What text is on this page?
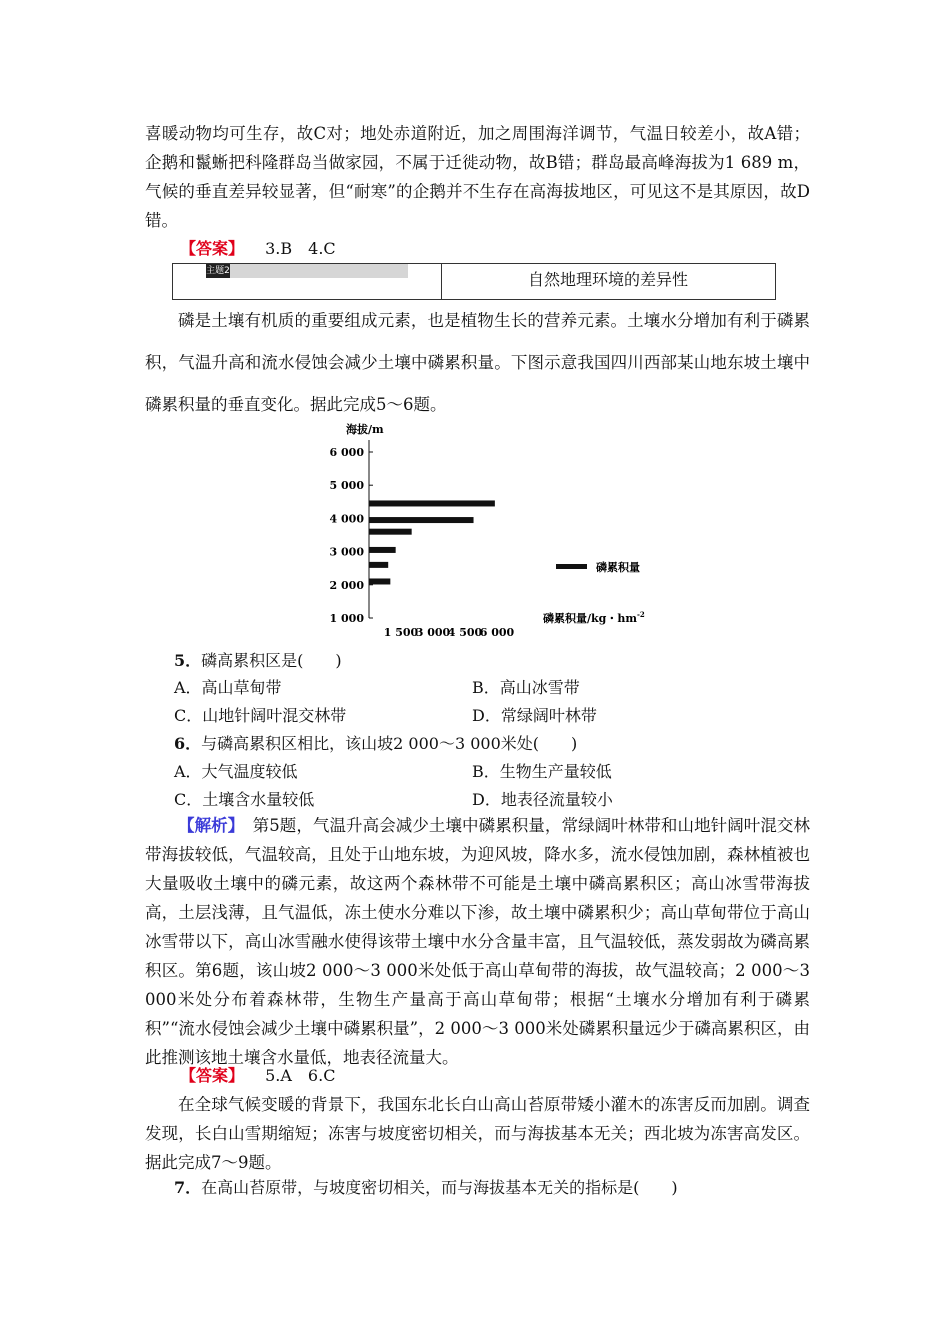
喜暖动物均可生存，故C对；地处赤道附近，加之周围海洋调节，气温日较差小，故A错；企鹅和鬣蜥把科隆群岛当做家园，不属于迁徙动物，故B错；群岛最高峰海拔为1 689 m，气候的垂直差异较显著，但“耐寒”的企鹅并不生存在高海拔地区，可见这不是其原因，故D错。
【答案】 3.B　4.C
主题2	自然地理环境的差异性
磷是土壤有机质的重要组成元素，也是植物生长的营养元素。土壤水分增加有利于磷累积，气温升高和流水侵蚀会减少土壤中磷累积量。下图示意我国四川西部某山地东坡土壤中磷累积量的垂直变化。据此完成5～6题。
海拔/m
1 000
2 000
3 000
4 000
5 000
6 000
1 500
3 000
4 500
6 000
磷累积量
磷累积量/kg・$hm^{-2}$
5．磷高累积区是(　　)
A．高山草甸带	B．高山冰雪带
C．山地针阔叶混交林带	D．常绿阔叶林带
6．与磷高累积区相比，该山坡2 000～3 000米处(　　)
A．大气温度较低	B．生物生产量较低
C．土壤含水量较低	D．地表径流量较小
【解析】　第5题，气温升高会减少土壤中磷累积量，常绿阔叶林带和山地针阔叶混交林带海拔较低，气温较高，且处于山地东坡，为迎风坡，降水多，流水侵蚀加剧，森林植被也大量吸收土壤中的磷元素，故这两个森林带不可能是土壤中磷高累积区；高山冰雪带海拔高，土层浅薄，且气温低，冻土使水分难以下渗，故土壤中磷累积少；高山草甸带位于高山冰雪带以下，高山冰雪融水使得该带土壤中水分含量丰富，且气温较低，蒸发弱故为磷高累积区。第6题，该山坡2 000～3 000米处低于高山草甸带的海拔，故气温较高；2 000～3 000米处分布着森林带，生物生产量高于高山草甸带；根据“土壤水分增加有利于磷累积”“流水侵蚀会减少土壤中磷累积量”，2 000～3 000米处磷累积量远少于磷高累积区，由此推测该地土壤含水量低，地表径流量大。
【答案】 5.A　6.C
在全球气候变暖的背景下，我国东北长白山高山苔原带矮小灌木的冻害反而加剧。调查发现，长白山雪期缩短；冻害与坡度密切相关，而与海拔基本无关；西北坡为冻害高发区。据此完成7～9题。
7．在高山苔原带，与坡度密切相关，而与海拔基本无关的指标是(　　)
